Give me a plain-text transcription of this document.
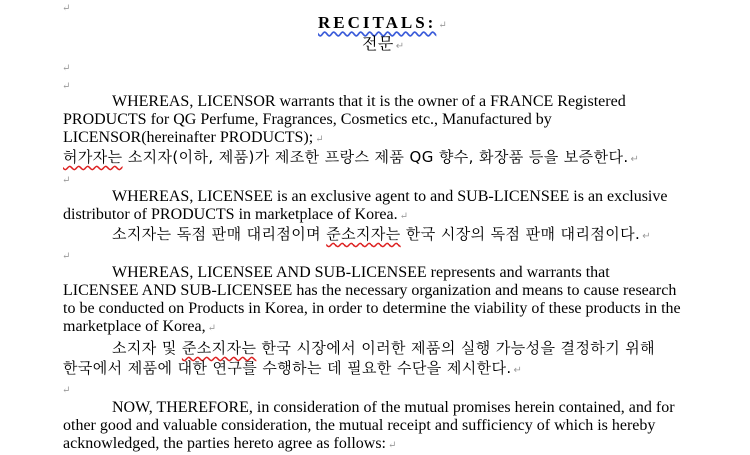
↵
↵
↵
↵
↵
↵
RECITALS: ↵
전문 ↵
WHEREAS, LICENSOR warrants that it is the owner of a FRANCE Registered
PRODUCTS for QG Perfume, Fragrances, Cosmetics etc., Manufactured by
LICENSOR(hereinafter PRODUCTS); ↵
허가자는 소지자(이하, 제품)가 제조한 프랑스 제품 QG 향수, 화장품 등을 보증한다. ↵
WHEREAS, LICENSEE is an exclusive agent to and SUB-LICENSEE is an exclusive
distributor of PRODUCTS in marketplace of Korea. ↵
소지자는 독점 판매 대리점이며 준소지자는 한국 시장의 독점 판매 대리점이다. ↵
WHEREAS, LICENSEE AND SUB-LICENSEE represents and warrants that
LICENSEE AND SUB-LICENSEE has the necessary organization and means to cause research
to be conducted on Products in Korea, in order to determine the viability of these products in the
marketplace of Korea, ↵
소지자 및 준소지자는 한국 시장에서 이러한 제품의 실행 가능성을 결정하기 위해
한국에서 제품에 대한 연구를 수행하는 데 필요한 수단을 제시한다. ↵
NOW, THEREFORE, in consideration of the mutual promises herein contained, and for
other good and valuable consideration, the mutual receipt and sufficiency of which is hereby
acknowledged, the parties hereto agree as follows: ↵
